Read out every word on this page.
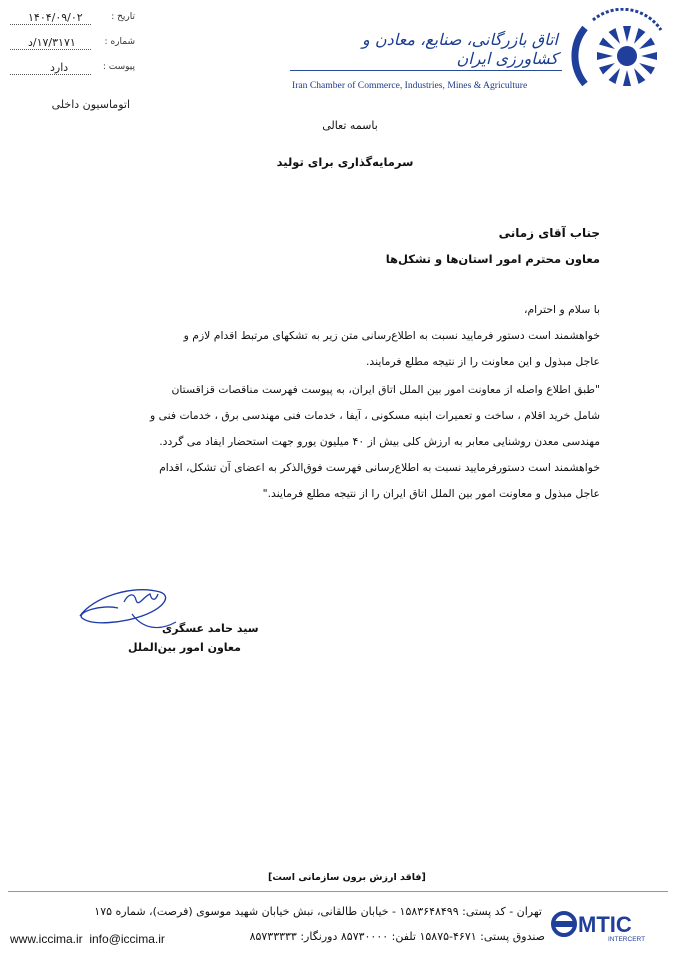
تاریخ :
۱۴۰۴/۰۹/۰۲
شماره :
۱۷/۳۱۷۱/د
پیوست :
دارد
اتاق بازرگانی، صنایع، معادن و کشاورزی ایران
Iran Chamber of Commerce, Industries, Mines & Agriculture
اتوماسیون داخلی
باسمه تعالی
سرمایه‌گذاری برای تولید
جناب آقای زمانی
معاون محترم امور استان‌ها و تشکل‌ها
با سلام و احترام،
خواهشمند است دستور فرمایید نسبت به اطلاع‌رسانی متن زیر به تشکهای مرتبط اقدام لازم و
عاجل مبذول و این معاونت را از نتیجه مطلع فرمایند.
"طبق اطلاع واصله از معاونت امور بین الملل اتاق ایران، به پیوست فهرست مناقصات قزاقستان
شامل خرید اقلام ، ساخت و تعمیرات ابنیه مسکونی ، آیفا ، خدمات فنی مهندسی برق ، خدمات فنی و
مهندسی معدن روشنایی معابر به ارزش کلی بیش از ۴۰ میلیون یورو جهت استحضار ایفاد می گردد.
خواهشمند است دستورفرمایید نسبت به اطلاع‌رسانی فهرست فوق‌الذکر به اعضای آن تشکل، اقدام
عاجل مبذول و معاونت امور بین الملل اتاق ایران را از نتیجه مطلع فرمایند."
سید حامد عسگری
معاون امور بین‌الملل
[فاقد ارزش برون سازمانی است]
تهران - کد پستی: ۱۵۸۳۶۴۸۴۹۹ - خیابان طالقانی، نبش خیابان شهید موسوی (فرصت)، شماره ۱۷۵
صندوق پستی: ۴۶۷۱-۱۵۸۷۵ تلفن: ۸۵۷۳۰۰۰۰ دورنگار: ۸۵۷۳۳۳۳۳
www.iccima.ir info@iccima.ir
MTIC
INTERCERT
